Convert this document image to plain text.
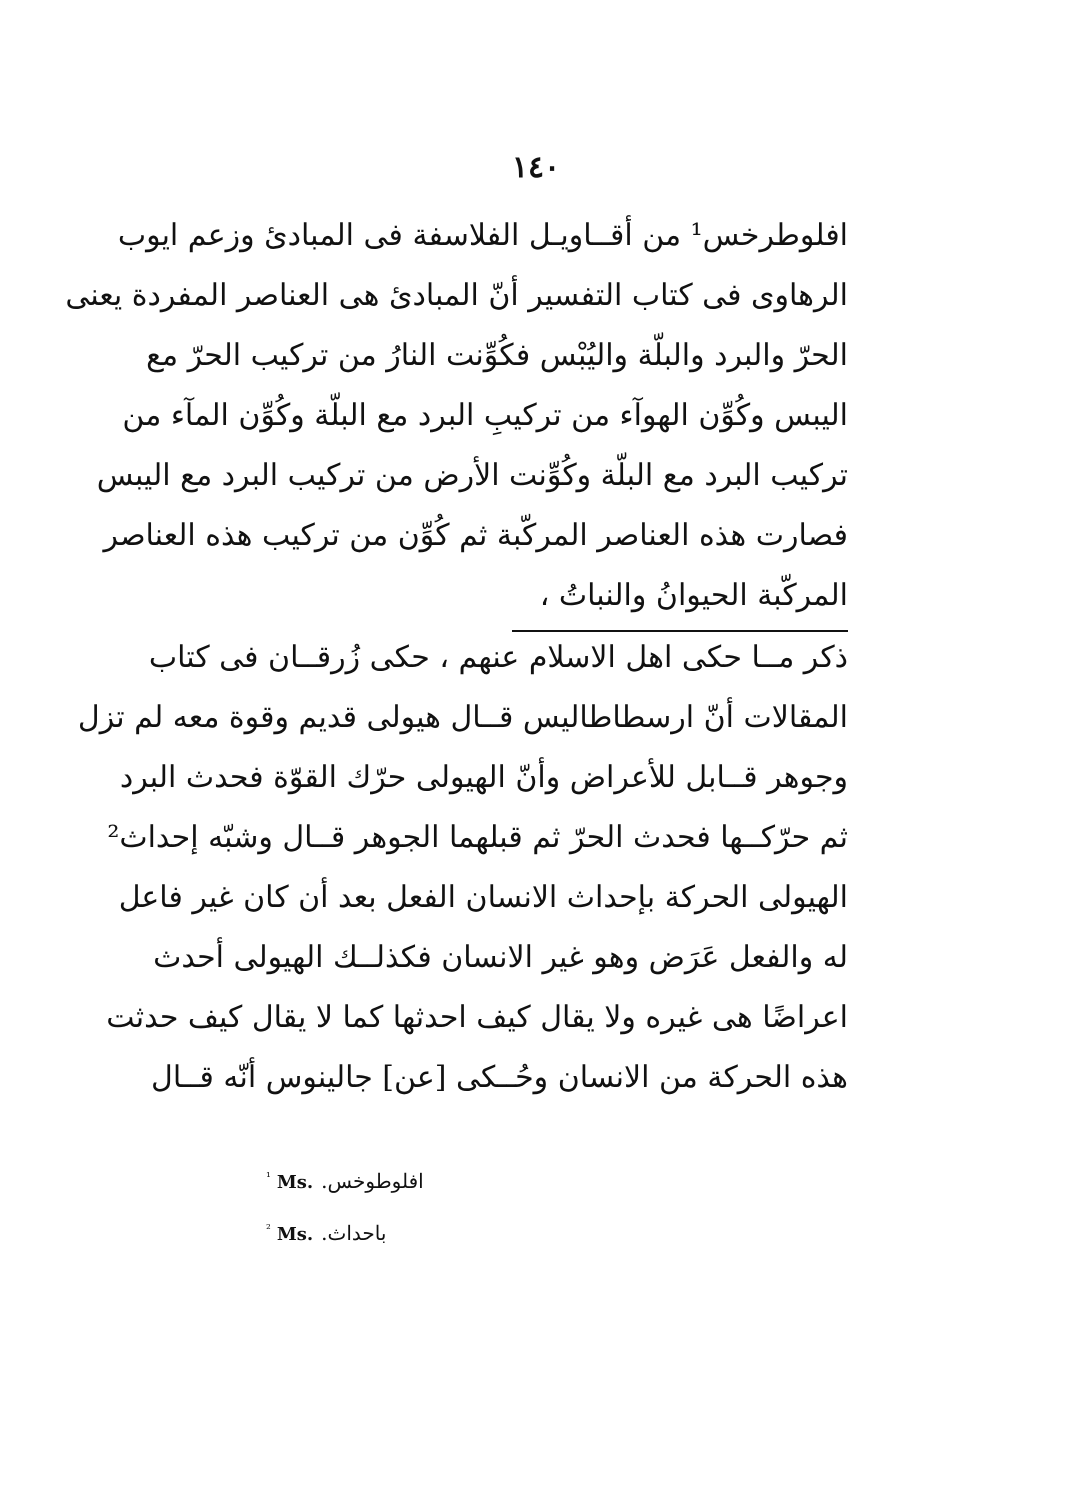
١٤٠
افلوطرخس¹ من أقــاويـل الفلاسفة فى المبادئ وزعم ايوب
الرهاوى فى كتاب التفسير أنّ المبادئ هى العناصر المفردة يعنى
الحرّ والبرد والبلّة واليُبْس فكُوِّنت النارُ من تركيب الحرّ مع
اليبس وكُوِّن الهوآء من تركيبِ البرد مع البلّة وكُوِّن المآء من
تركيب البرد مع البلّة وكُوِّنت الأرض من تركيب البرد مع اليبس
فصارت هذه العناصر المركّبة ثم كُوِّن من تركيب هذه العناصر
المركّبة الحيوانُ والنباتُ ،
ذكر مــا حكى اهل الاسلام عنهم ، حكى زُرقــان فى كتاب
المقالات أنّ ارسطاطاليس قــال هيولى قديم وقوة معه لم تزل
وجوهر قــابل للأعراض وأنّ الهيولى حرّك القوّة فحدث البرد
ثم حرّكــها فحدث الحرّ ثم قبلهما الجوهر قــال وشبّه إحداث²
الهيولى الحركة بإحداث الانسان الفعل بعد أن كان غير فاعل
له والفعل عَرَض وهو غير الانسان فكذلــك الهيولى أحدث
اعراضًا هى غيره ولا يقال كيف احدثها كما لا يقال كيف حدثت
هذه الحركة من الانسان وحُــكى [عن] جالينوس أنّه قــال
$^{^1}$ Ms. افلوطوخس.
$^{^2}$ Ms. باحداث.
